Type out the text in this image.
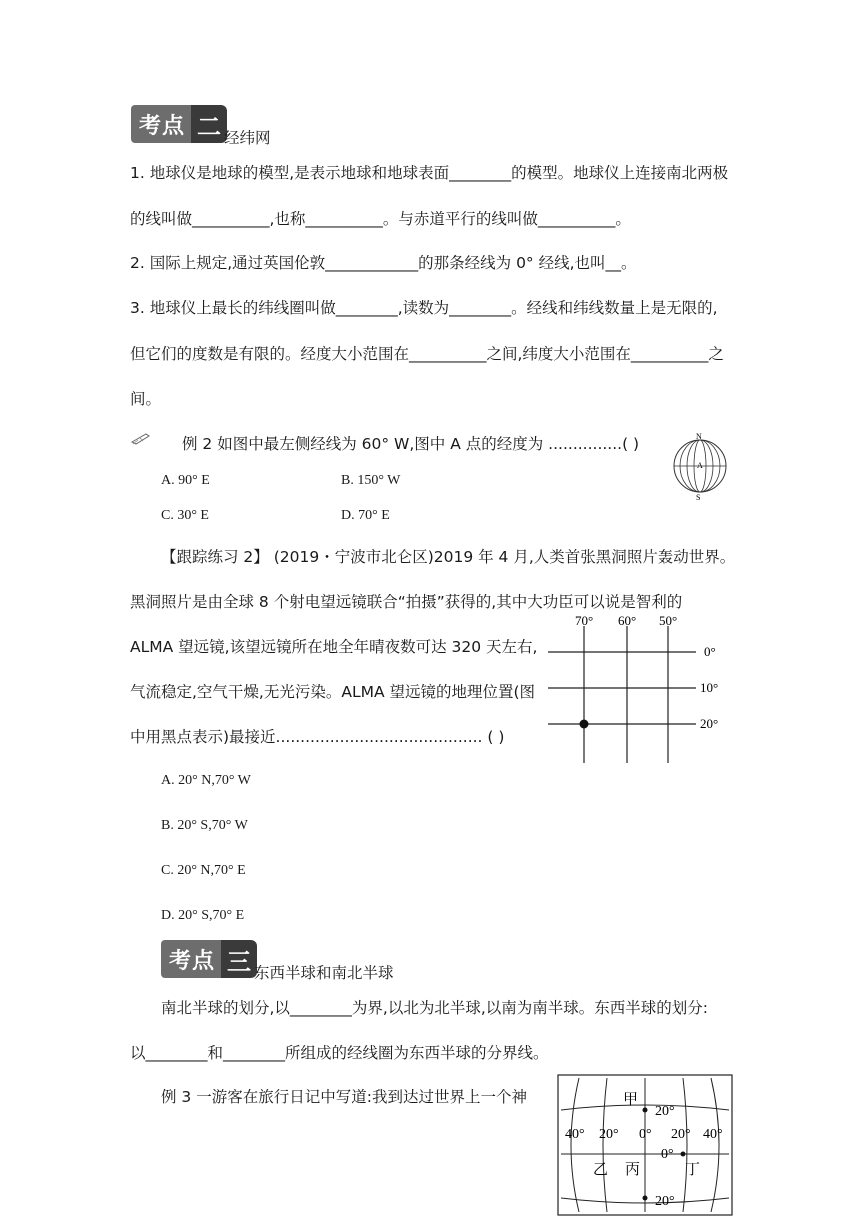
考点 二 经纬网
1. 地球仪是地球的模型,是表示地球和地球表面________的模型。地球仪上连接南北两极
的线叫做__________,也称__________。与赤道平行的线叫做__________。
2. 国际上规定,通过英国伦敦____________的那条经线为 0° 经线,也叫__。
3. 地球仪上最长的纬线圈叫做________,读数为________。经线和纬线数量上是无限的,
但它们的度数是有限的。经度大小范围在__________之间,纬度大小范围在__________之
间。
例 2 如图中最左侧经线为 60° W,图中 A 点的经度为 ...............( )
A. 90° E	B. 150° W
C. 30° E	D. 70° E
N
A
S
【跟踪练习 2】 (2019・宁波市北仑区)2019 年 4 月,人类首张黑洞照片轰动世界。
黑洞照片是由全球 8 个射电望远镜联合“拍摄”获得的,其中大功臣可以说是智利的
ALMA 望远镜,该望远镜所在地全年晴夜数可达 320 天左右,
气流稳定,空气干燥,无光污染。ALMA 望远镜的地理位置(图
中用黑点表示)最接近.......................................... ( )
70° 60° 50°
0°
10°
20°
A. 20° N,70° W
B. 20° S,70° W
C. 20° N,70° E
D. 20° S,70° E
考点 三 东西半球和南北半球
南北半球的划分,以________为界,以北为北半球,以南为南半球。东西半球的划分:
以________和________所组成的经线圈为东西半球的分界线。
例 3 一游客在旅行日记中写道:我到达过世界上一个神	甲
乙 丙	丁
20°
0°
20°
40° 20° 0° 20° 40°
